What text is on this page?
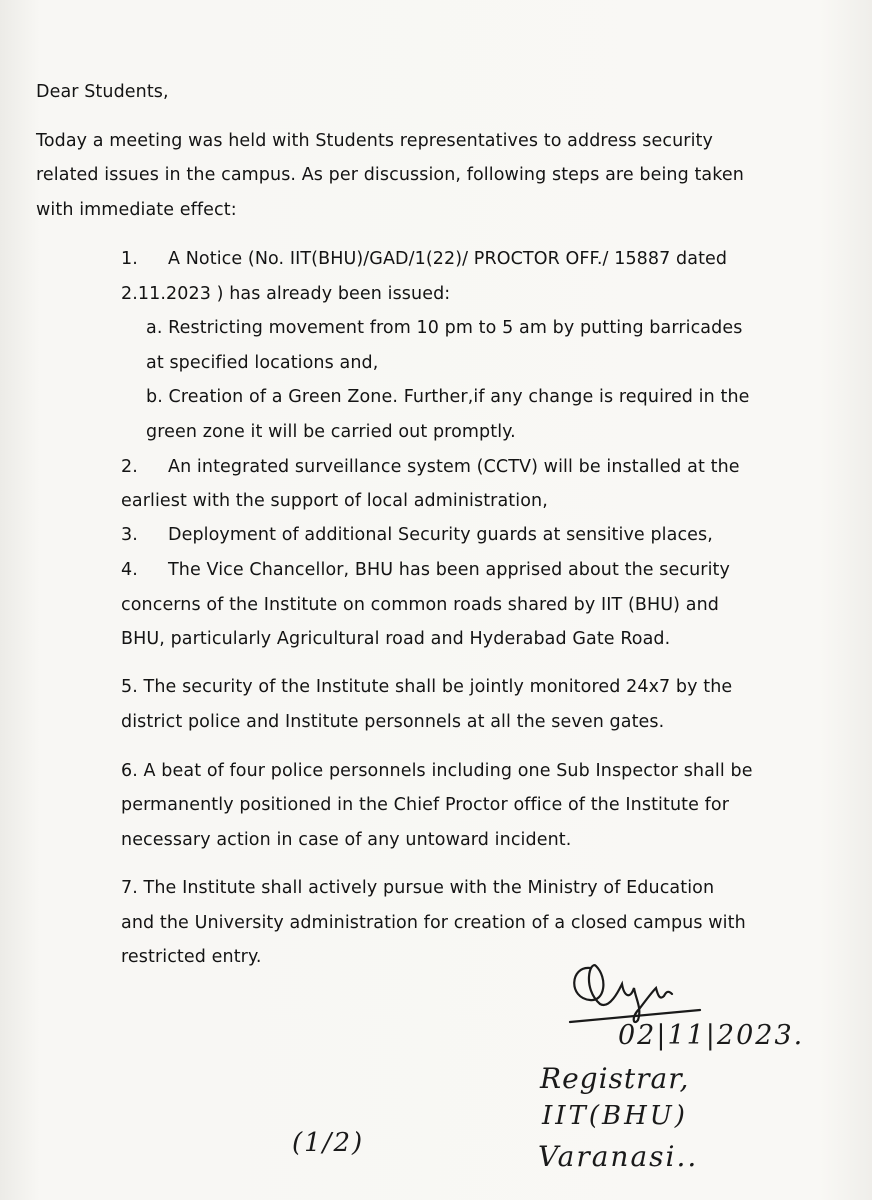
Dear Students,
Today a meeting was held with Students representatives to address security
related issues in the campus. As per discussion, following steps are being taken
with immediate effect:
1. A Notice (No. IIT(BHU)/GAD/1(22)/ PROCTOR OFF./ 15887 dated
2.11.2023 ) has already been issued:
a. Restricting movement from 10 pm to 5 am by putting barricades
at specified locations and,
b. Creation of a Green Zone. Further,if any change is required in the
green zone it will be carried out promptly.
2. An integrated surveillance system (CCTV) will be installed at the
earliest with the support of local administration,
3. Deployment of additional Security guards at sensitive places,
4. The Vice Chancellor, BHU has been apprised about the security
concerns of the Institute on common roads shared by IIT (BHU) and
BHU, particularly Agricultural road and Hyderabad Gate Road.
5. The security of the Institute shall be jointly monitored 24x7 by the
district police and Institute personnels at all the seven gates.
6. A beat of four police personnels including one Sub Inspector shall be
permanently positioned in the Chief Proctor office of the Institute for
necessary action in case of any untoward incident.
7. The Institute shall actively pursue with the Ministry of Education
and the University administration for creation of a closed campus with
restricted entry.
02|11|2023.
Registrar,
IIT(BHU)
Varanasi..
(1/2)
